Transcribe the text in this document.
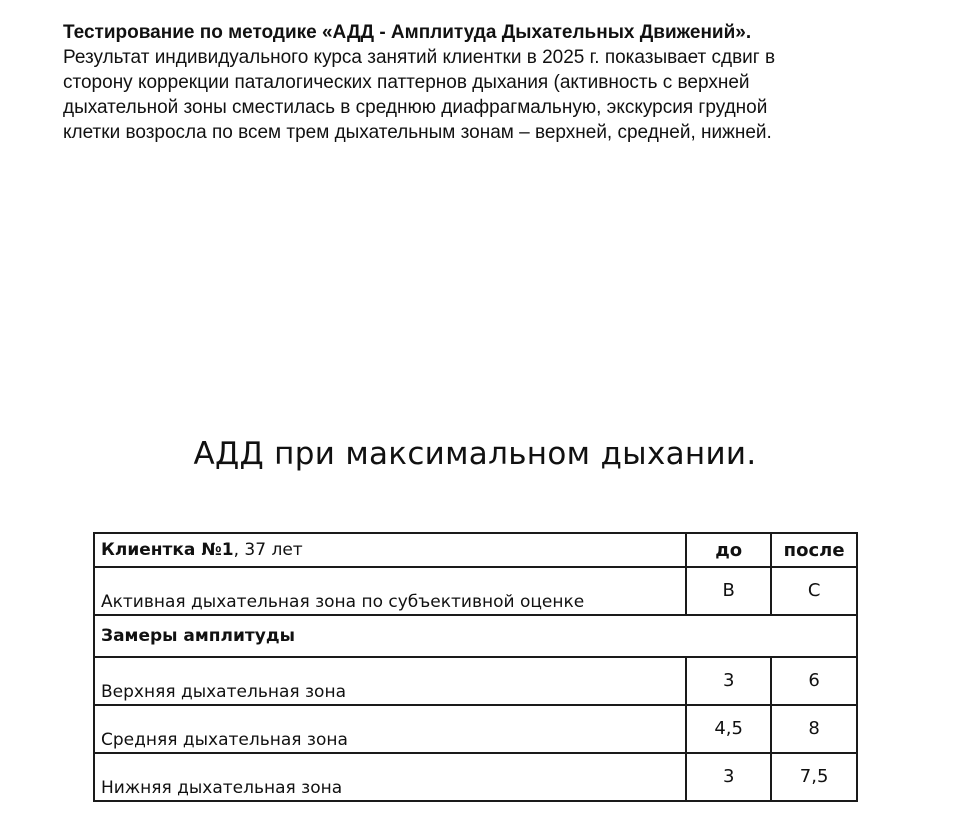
Тестирование по методике «АДД - Амплитуда Дыхательных Движений».
Результат индивидуального курса занятий клиентки в 2025 г. показывает сдвиг в
сторону коррекции паталогических паттернов дыхания (активность с верхней
дыхательной зоны сместилась в среднюю диафрагмальную, экскурсия грудной
клетки возросла по всем трем дыхательным зонам – верхней, средней, нижней.
АДД при максимальном дыхании.
Клиентка №1, 37 лет	до	после
Активная дыхательная зона по субъективной оценке	В	С
Замеры амплитуды		
Верхняя дыхательная зона	3	6
Средняя дыхательная зона	4,5	8
Нижняя дыхательная зона	3	7,5
